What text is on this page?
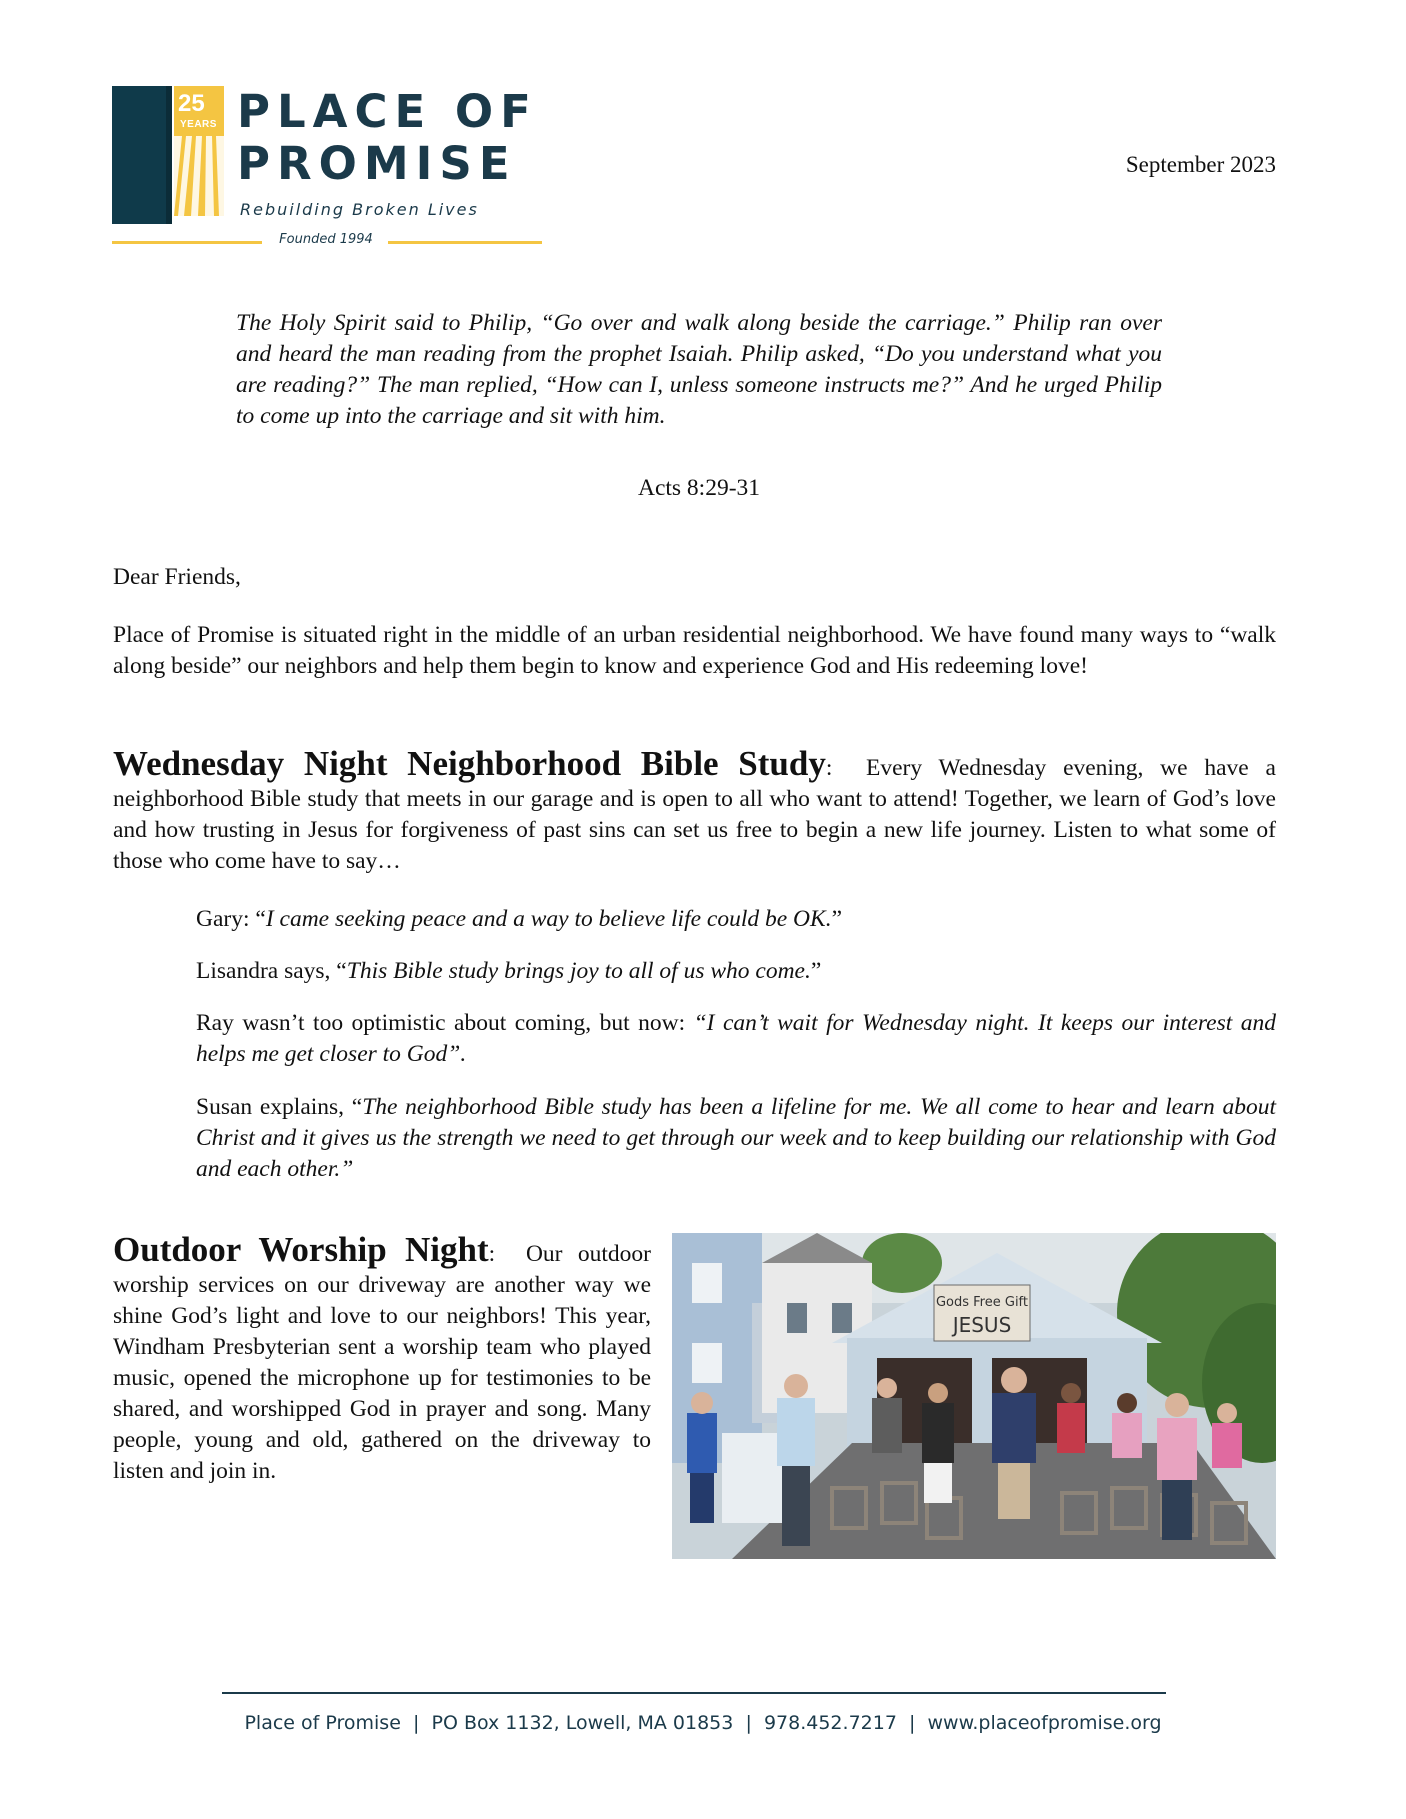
25
YEARS PLACE OF
PROMISE
Rebuilding Broken Lives
Founded 1994
September 2023
The Holy Spirit said to Philip, “Go over and walk along beside the carriage.” Philip ran over and heard the man reading from the prophet Isaiah. Philip asked, “Do you understand what you are reading?” The man replied, “How can I, unless someone instructs me?” And he urged Philip to come up into the carriage and sit with him.
Acts 8:29-31
Dear Friends,
Place of Promise is situated right in the middle of an urban residential neighborhood. We have found many ways to “walk along beside” our neighbors and help them begin to know and experience God and His redeeming love!
Wednesday Night Neighborhood Bible Study:  Every Wednesday evening, we have a neighborhood Bible study that meets in our garage and is open to all who want to attend! Together, we learn of God’s love and how trusting in Jesus for forgiveness of past sins can set us free to begin a new life journey. Listen to what some of those who come have to say…
Gary: “I came seeking peace and a way to believe life could be OK.”
Lisandra says, “This Bible study brings joy to all of us who come.”
Ray wasn’t too optimistic about coming, but now: “I can’t wait for Wednesday night. It keeps our interest and helps me get closer to God”.
Susan explains, “The neighborhood Bible study has been a lifeline for me. We all come to hear and learn about Christ and it gives us the strength we need to get through our week and to keep building our relationship with God and each other.”
Outdoor Worship Night:  Our outdoor worship services on our driveway are another way we shine God’s light and love to our neighbors! This year, Windham Presbyterian sent a worship team who played music, opened the microphone up for testimonies to be shared, and worshipped God in prayer and song. Many people, young and old, gathered on the driveway to listen and join in.
Gods Free Gift
JESUS
Place of Promise | PO Box 1132, Lowell, MA 01853 | 978.452.7217 | www.placeofpromise.org
